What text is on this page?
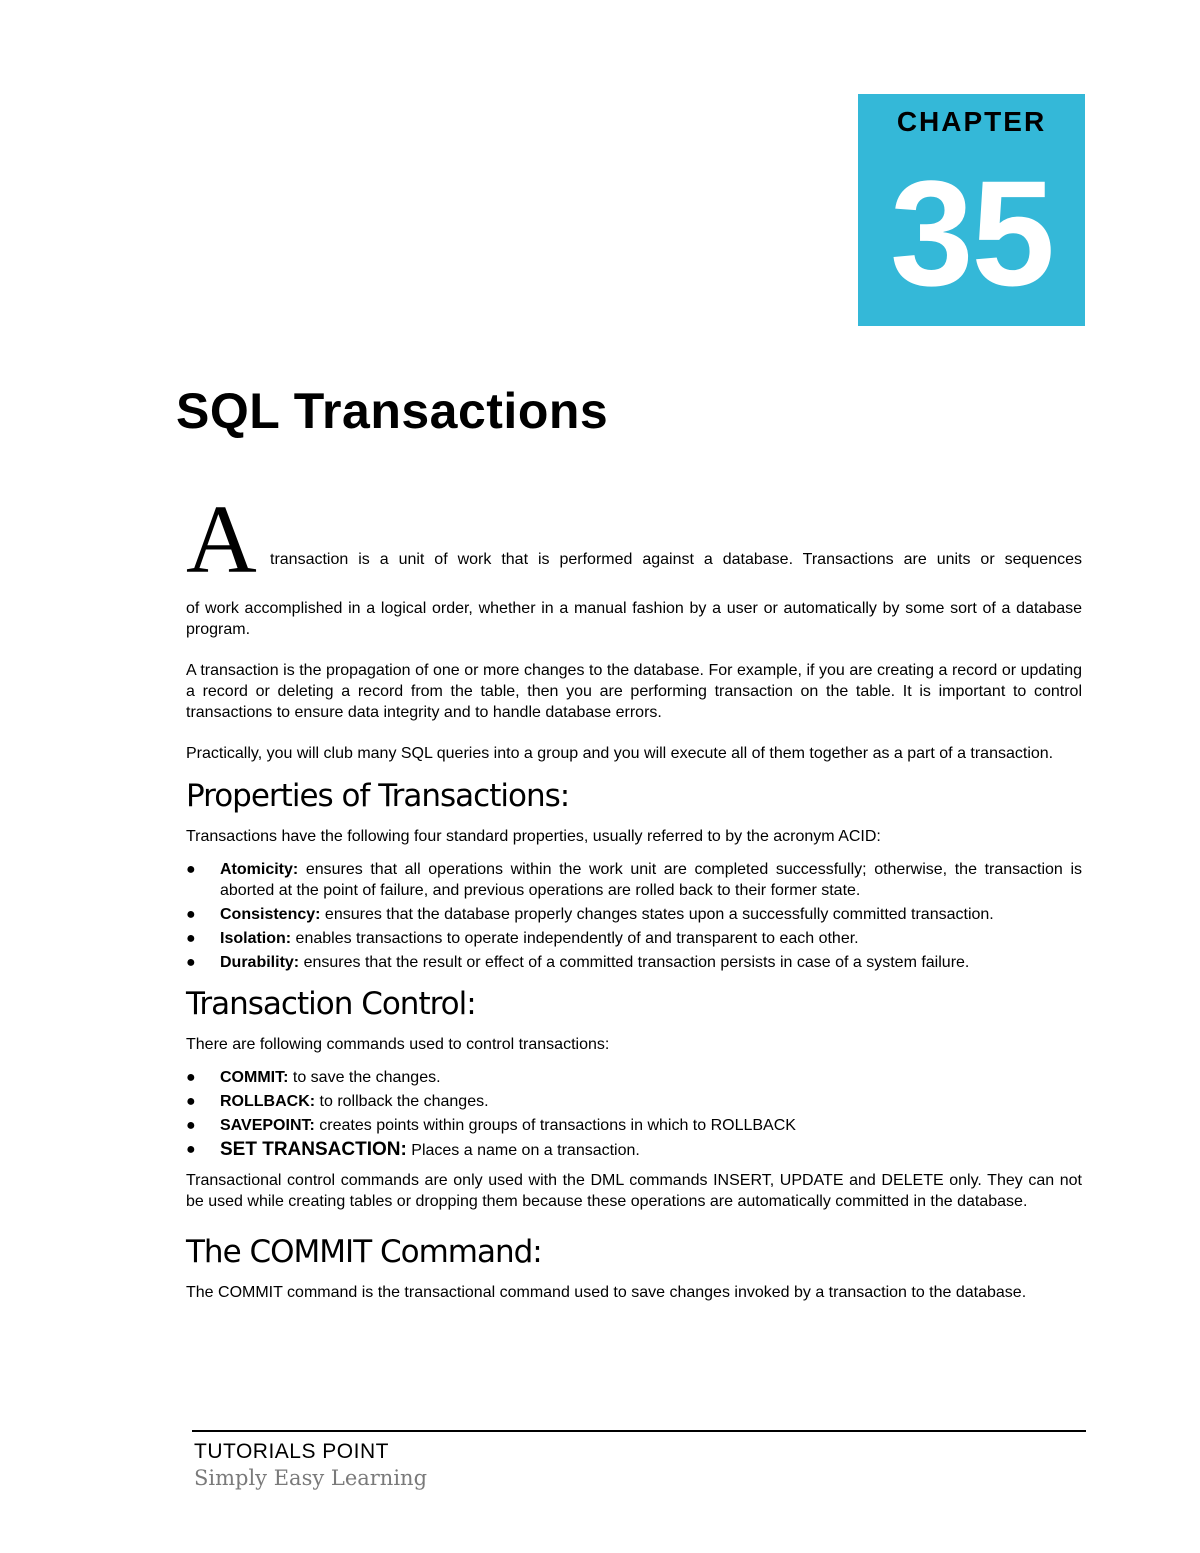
CHAPTER
35
SQL Transactions
A transaction is a unit of work that is performed against a database. Transactions are units or sequences

of work accomplished in a logical order, whether in a manual fashion by a user or automatically by some sort of a database program.

A transaction is the propagation of one or more changes to the database. For example, if you are creating a record or updating a record or deleting a record from the table, then you are performing transaction on the table. It is important to control transactions to ensure data integrity and to handle database errors.

Practically, you will club many SQL queries into a group and you will execute all of them together as a part of a transaction.

Properties of Transactions:

Transactions have the following four standard properties, usually referred to by the acronym ACID:

● Atomicity: ensures that all operations within the work unit are completed successfully; otherwise, the transaction is aborted at the point of failure, and previous operations are rolled back to their former state.
● Consistency: ensures that the database properly changes states upon a successfully committed transaction.
● Isolation: enables transactions to operate independently of and transparent to each other.
● Durability: ensures that the result or effect of a committed transaction persists in case of a system failure.
Transaction Control:

There are following commands used to control transactions:

● COMMIT: to save the changes.
● ROLLBACK: to rollback the changes.
● SAVEPOINT: creates points within groups of transactions in which to ROLLBACK
● SET TRANSACTION: Places a name on a transaction.

Transactional control commands are only used with the DML commands INSERT, UPDATE and DELETE only. They can not be used while creating tables or dropping them because these operations are automatically committed in the database.

The COMMIT Command:

The COMMIT command is the transactional command used to save changes invoked by a transaction to the database.

TUTORIALS POINT
Simply Easy Learning
